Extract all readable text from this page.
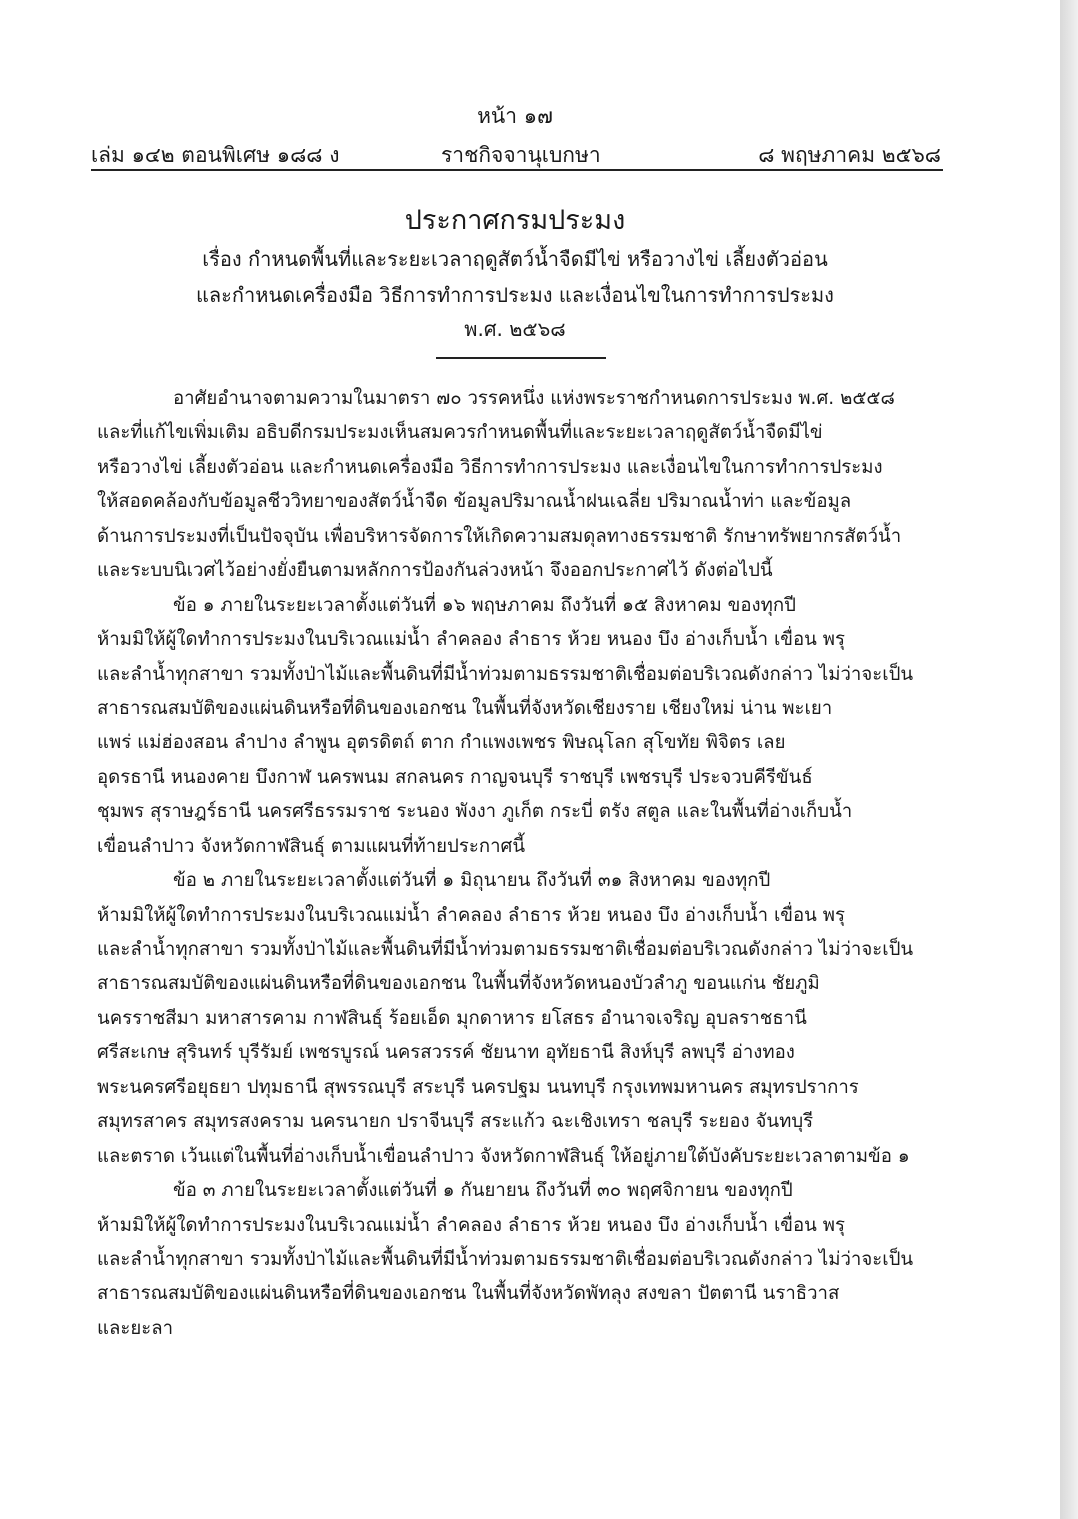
หน้า ๑๗
เล่ม ๑๔๒ ตอนพิเศษ ๑๘๘ ง	ราชกิจจานุเบกษา	๘ พฤษภาคม ๒๕๖๘
ประกาศกรมประมง
เรื่อง กำหนดพื้นที่และระยะเวลาฤดูสัตว์น้ำจืดมีไข่ หรือวางไข่ เลี้ยงตัวอ่อน
และกำหนดเครื่องมือ วิธีการทำการประมง และเงื่อนไขในการทำการประมง
พ.ศ. ๒๕๖๘
อาศัยอำนาจตามความในมาตรา ๗๐ วรรคหนึ่ง แห่งพระราชกำหนดการประมง พ.ศ. ๒๕๕๘
และที่แก้ไขเพิ่มเติม อธิบดีกรมประมงเห็นสมควรกำหนดพื้นที่และระยะเวลาฤดูสัตว์น้ำจืดมีไข่
หรือวางไข่ เลี้ยงตัวอ่อน และกำหนดเครื่องมือ วิธีการทำการประมง และเงื่อนไขในการทำการประมง
ให้สอดคล้องกับข้อมูลชีววิทยาของสัตว์น้ำจืด ข้อมูลปริมาณน้ำฝนเฉลี่ย ปริมาณน้ำท่า และข้อมูล
ด้านการประมงที่เป็นปัจจุบัน เพื่อบริหารจัดการให้เกิดความสมดุลทางธรรมชาติ รักษาทรัพยากรสัตว์น้ำ
และระบบนิเวศไว้อย่างยั่งยืนตามหลักการป้องกันล่วงหน้า จึงออกประกาศไว้ ดังต่อไปนี้
ข้อ ๑ ภายในระยะเวลาตั้งแต่วันที่ ๑๖ พฤษภาคม ถึงวันที่ ๑๕ สิงหาคม ของทุกปี
ห้ามมิให้ผู้ใดทำการประมงในบริเวณแม่น้ำ ลำคลอง ลำธาร ห้วย หนอง บึง อ่างเก็บน้ำ เขื่อน พรุ
และลำน้ำทุกสาขา รวมทั้งป่าไม้และพื้นดินที่มีน้ำท่วมตามธรรมชาติเชื่อมต่อบริเวณดังกล่าว ไม่ว่าจะเป็น
สาธารณสมบัติของแผ่นดินหรือที่ดินของเอกชน ในพื้นที่จังหวัดเชียงราย เชียงใหม่ น่าน พะเยา
แพร่ แม่ฮ่องสอน ลำปาง ลำพูน อุตรดิตถ์ ตาก กำแพงเพชร พิษณุโลก สุโขทัย พิจิตร เลย
อุดรธานี หนองคาย บึงกาฬ นครพนม สกลนคร กาญจนบุรี ราชบุรี เพชรบุรี ประจวบคีรีขันธ์
ชุมพร สุราษฎร์ธานี นครศรีธรรมราช ระนอง พังงา ภูเก็ต กระบี่ ตรัง สตูล และในพื้นที่อ่างเก็บน้ำ
เขื่อนลำปาว จังหวัดกาฬสินธุ์ ตามแผนที่ท้ายประกาศนี้
ข้อ ๒ ภายในระยะเวลาตั้งแต่วันที่ ๑ มิถุนายน ถึงวันที่ ๓๑ สิงหาคม ของทุกปี
ห้ามมิให้ผู้ใดทำการประมงในบริเวณแม่น้ำ ลำคลอง ลำธาร ห้วย หนอง บึง อ่างเก็บน้ำ เขื่อน พรุ
และลำน้ำทุกสาขา รวมทั้งป่าไม้และพื้นดินที่มีน้ำท่วมตามธรรมชาติเชื่อมต่อบริเวณดังกล่าว ไม่ว่าจะเป็น
สาธารณสมบัติของแผ่นดินหรือที่ดินของเอกชน ในพื้นที่จังหวัดหนองบัวลำภู ขอนแก่น ชัยภูมิ
นครราชสีมา มหาสารคาม กาฬสินธุ์ ร้อยเอ็ด มุกดาหาร ยโสธร อำนาจเจริญ อุบลราชธานี
ศรีสะเกษ สุรินทร์ บุรีรัมย์ เพชรบูรณ์ นครสวรรค์ ชัยนาท อุทัยธานี สิงห์บุรี ลพบุรี อ่างทอง
พระนครศรีอยุธยา ปทุมธานี สุพรรณบุรี สระบุรี นครปฐม นนทบุรี กรุงเทพมหานคร สมุทรปราการ
สมุทรสาคร สมุทรสงคราม นครนายก ปราจีนบุรี สระแก้ว ฉะเชิงเทรา ชลบุรี ระยอง จันทบุรี
และตราด เว้นแต่ในพื้นที่อ่างเก็บน้ำเขื่อนลำปาว จังหวัดกาฬสินธุ์ ให้อยู่ภายใต้บังคับระยะเวลาตามข้อ ๑
ข้อ ๓ ภายในระยะเวลาตั้งแต่วันที่ ๑ กันยายน ถึงวันที่ ๓๐ พฤศจิกายน ของทุกปี
ห้ามมิให้ผู้ใดทำการประมงในบริเวณแม่น้ำ ลำคลอง ลำธาร ห้วย หนอง บึง อ่างเก็บน้ำ เขื่อน พรุ
และลำน้ำทุกสาขา รวมทั้งป่าไม้และพื้นดินที่มีน้ำท่วมตามธรรมชาติเชื่อมต่อบริเวณดังกล่าว ไม่ว่าจะเป็น
สาธารณสมบัติของแผ่นดินหรือที่ดินของเอกชน ในพื้นที่จังหวัดพัทลุง สงขลา ปัตตานี นราธิวาส
และยะลา
